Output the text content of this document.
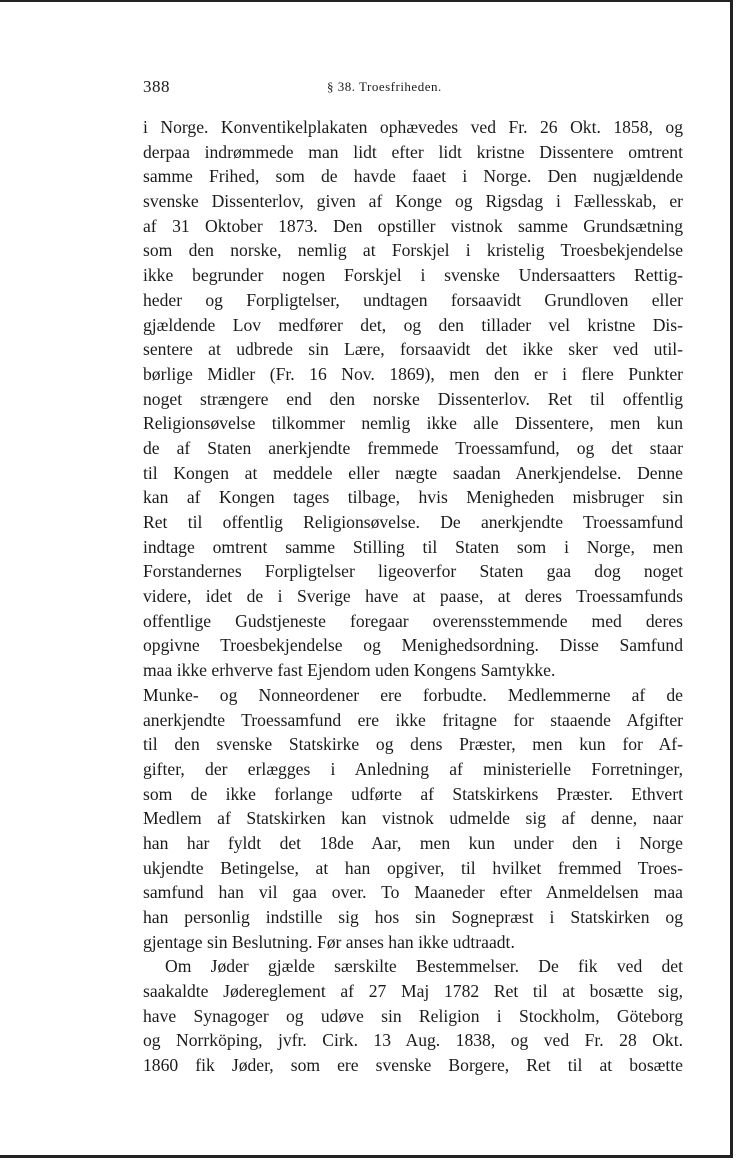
388	§ 38. Troesfriheden.
i Norge. Konventikelplakaten ophævedes ved Fr. 26 Okt. 1858, og
derpaa indrømmede man lidt efter lidt kristne Dissentere omtrent
samme Frihed, som de havde faaet i Norge. Den nugjældende
svenske Dissenterlov, given af Konge og Rigsdag i Fællesskab, er
af 31 Oktober 1873. Den opstiller vistnok samme Grundsætning
som den norske, nemlig at Forskjel i kristelig Troesbekjendelse
ikke begrunder nogen Forskjel i svenske Undersaatters Rettig-
heder og Forpligtelser, undtagen forsaavidt Grundloven eller
gjældende Lov medfører det, og den tillader vel kristne Dis-
sentere at udbrede sin Lære, forsaavidt det ikke sker ved util-
børlige Midler (Fr. 16 Nov. 1869), men den er i flere Punkter
noget strængere end den norske Dissenterlov. Ret til offentlig
Religionsøvelse tilkommer nemlig ikke alle Dissentere, men kun
de af Staten anerkjendte fremmede Troessamfund, og det staar
til Kongen at meddele eller nægte saadan Anerkjendelse. Denne
kan af Kongen tages tilbage, hvis Menigheden misbruger sin
Ret til offentlig Religionsøvelse. De anerkjendte Troessamfund
indtage omtrent samme Stilling til Staten som i Norge, men
Forstandernes Forpligtelser ligeoverfor Staten gaa dog noget
videre, idet de i Sverige have at paase, at deres Troessamfunds
offentlige Gudstjeneste foregaar overensstemmende med deres
opgivne Troesbekjendelse og Menighedsordning. Disse Samfund
maa ikke erhverve fast Ejendom uden Kongens Samtykke.
Munke- og Nonneordener ere forbudte. Medlemmerne af de
anerkjendte Troessamfund ere ikke fritagne for staaende Afgifter
til den svenske Statskirke og dens Præster, men kun for Af-
gifter, der erlægges i Anledning af ministerielle Forretninger,
som de ikke forlange udførte af Statskirkens Præster. Ethvert
Medlem af Statskirken kan vistnok udmelde sig af denne, naar
han har fyldt det 18de Aar, men kun under den i Norge
ukjendte Betingelse, at han opgiver, til hvilket fremmed Troes-
samfund han vil gaa over. To Maaneder efter Anmeldelsen maa
han personlig indstille sig hos sin Sognepræst i Statskirken og
gjentage sin Beslutning. Før anses han ikke udtraadt.
Om Jøder gjælde særskilte Bestemmelser. De fik ved det
saakaldte Jødereglement af 27 Maj 1782 Ret til at bosætte sig,
have Synagoger og udøve sin Religion i Stockholm, Göteborg
og Norrköping, jvfr. Cirk. 13 Aug. 1838, og ved Fr. 28 Okt.
1860 fik Jøder, som ere svenske Borgere, Ret til at bosætte
